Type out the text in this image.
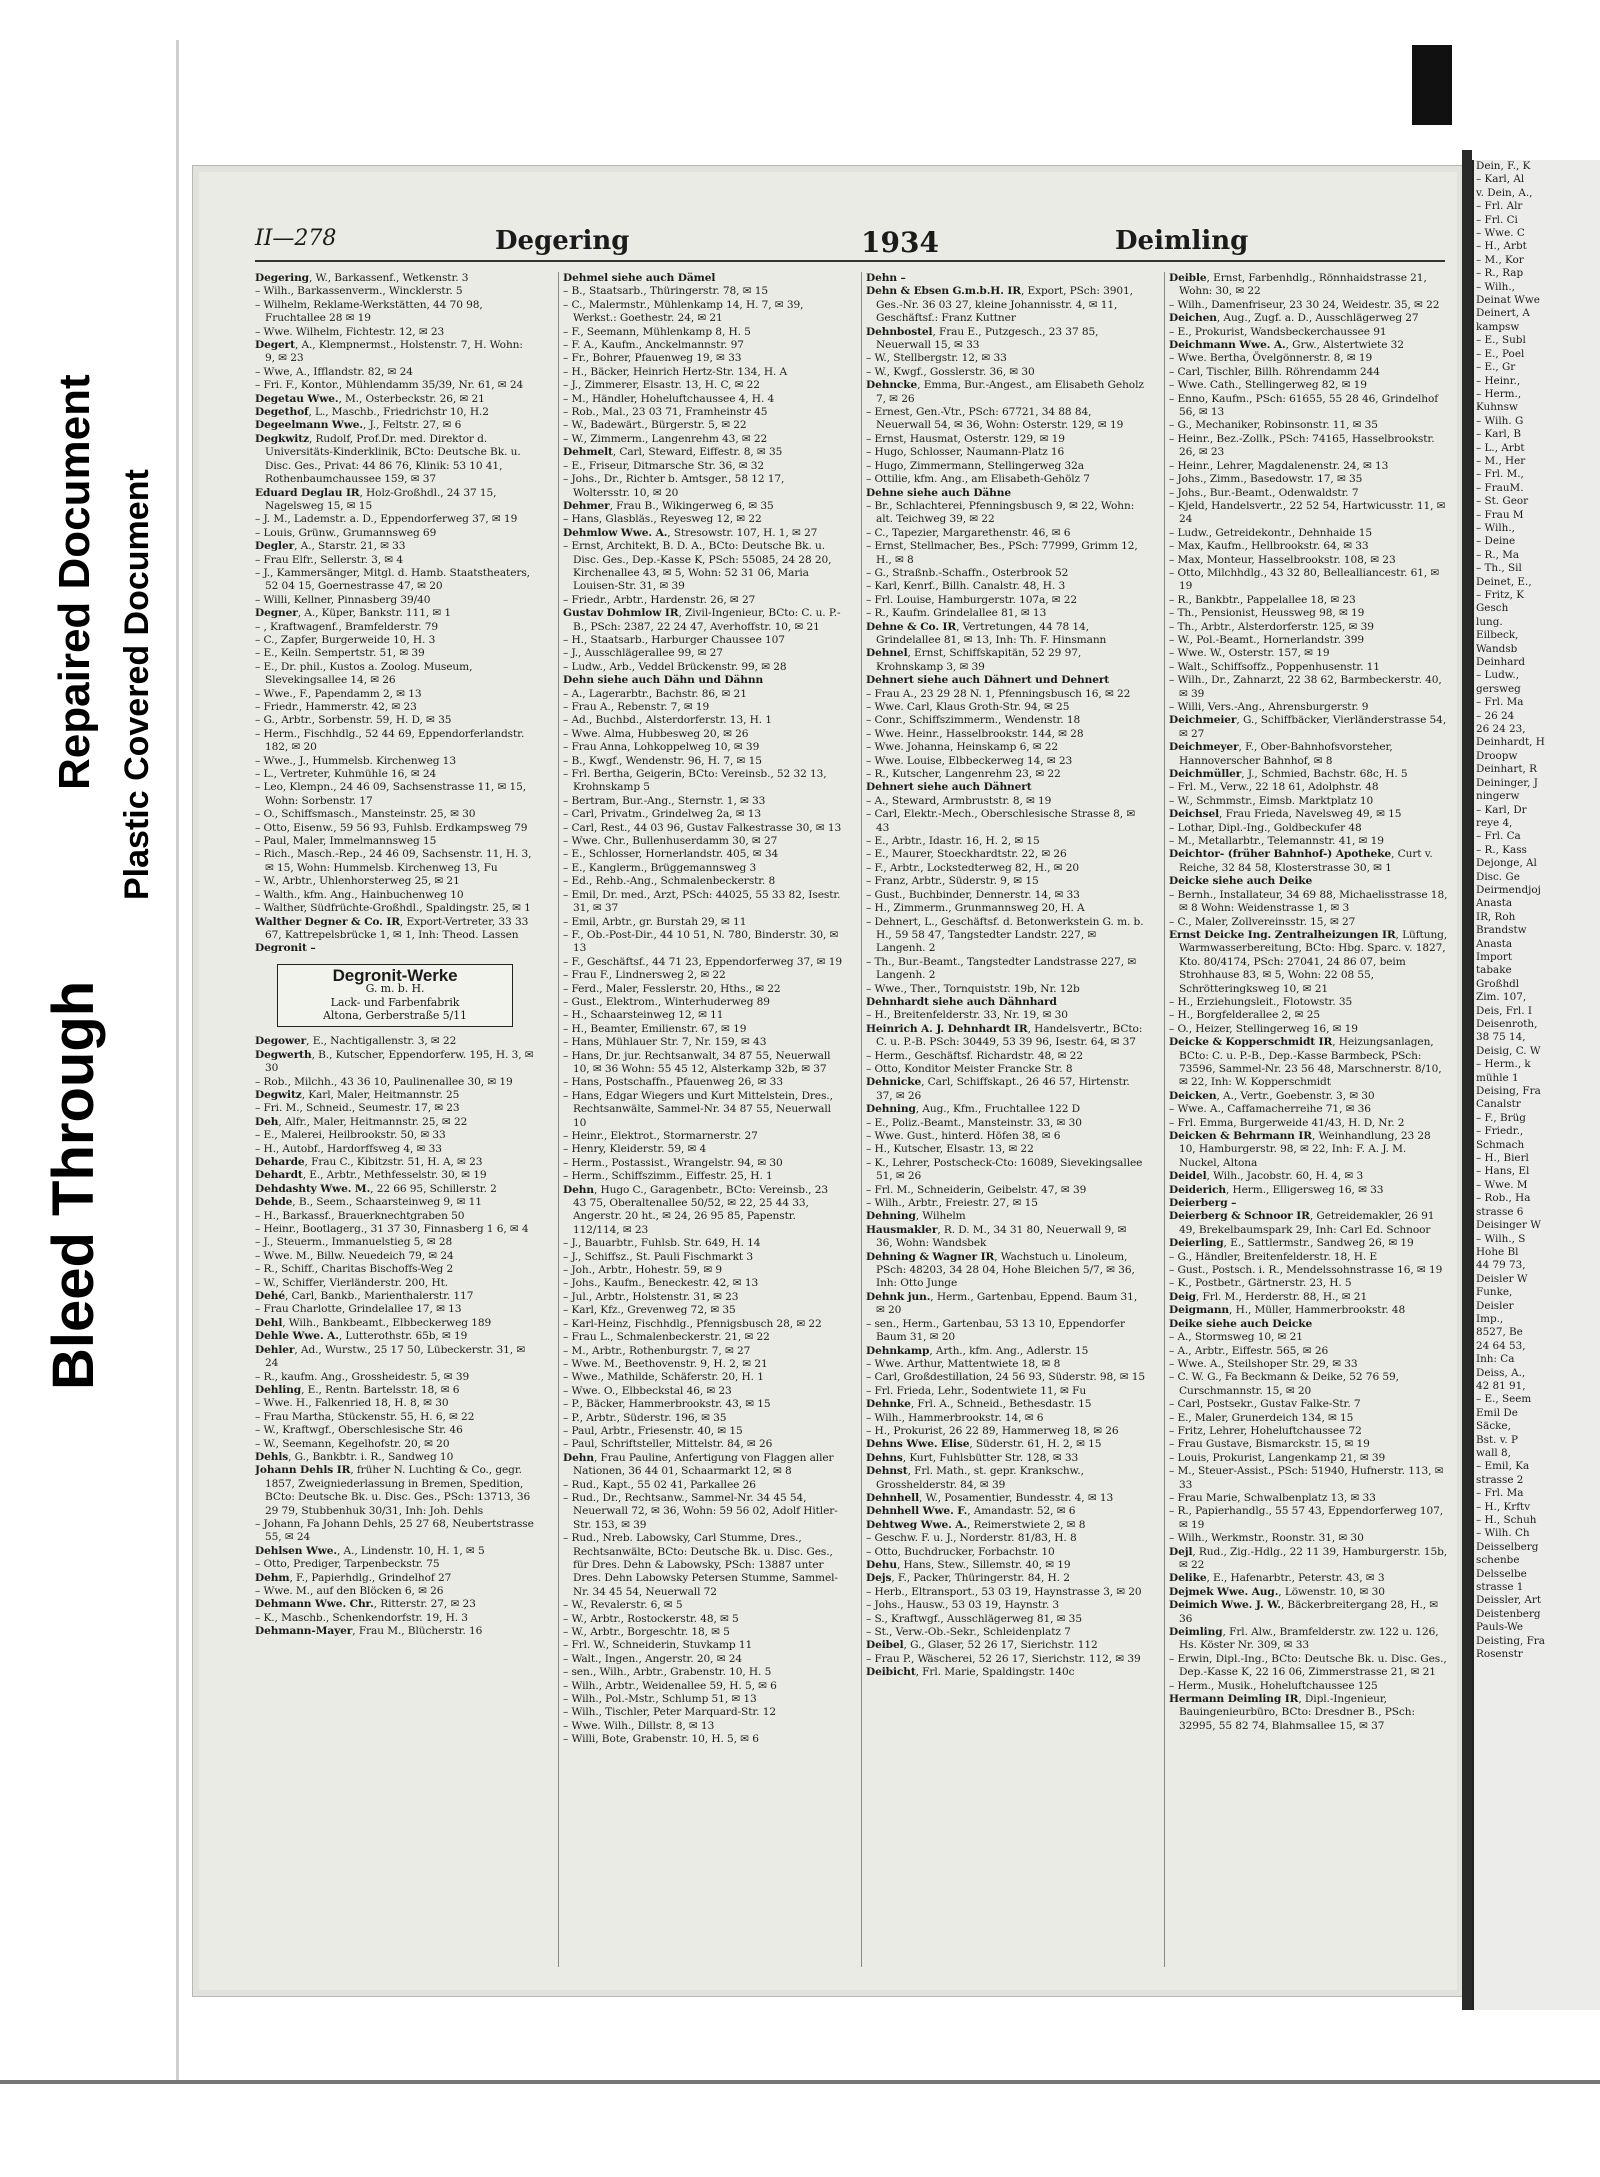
Bleed Through
Repaired Document Plastic Covered Document
II—278	Degering	1934	Deimling

Degering, W., Barkassenf., Wetkenstr. 3

– Wilh., Barkassenverm., Wincklerstr. 5

– Wilhelm, Reklame-Werkstätten, 44 70 98, Fruchtallee 28 ✉ 19

– Wwe. Wilhelm, Fichtestr. 12, ✉ 23

Degert, A., Klempnermst., Holstenstr. 7, H. Wohn: 9, ✉ 23

– Wwe, A., Ifflandstr. 82, ✉ 24

– Fri. F., Kontor., Mühlendamm 35/39, Nr. 61, ✉ 24

Degetau Wwe., M., Osterbeckstr. 26, ✉ 21

Degethof, L., Maschb., Friedrichstr 10, H.2

Degeelmann Wwe., J., Feltstr. 27, ✉ 6

Degkwitz, Rudolf, Prof.Dr. med. Direktor d. Universitäts-Kinderklinik, BCto: Deutsche Bk. u. Disc. Ges., Privat: 44 86 76, Klinik: 53 10 41, Rothenbaumchaussee 159, ✉ 37

Eduard Deglau IR, Holz-Großhdl., 24 37 15, Nagelsweg 15, ✉ 15

– J. M., Lademstr. a. D., Eppendorferweg 37, ✉ 19

– Louis, Grünw., Grumannsweg 69

Degler, A., Starstr. 21, ✉ 33

– Frau Elfr., Sellerstr. 3, ✉ 4

– J., Kammersänger, Mitgl. d. Hamb. Staatstheaters, 52 04 15, Goernestrasse 47, ✉ 20

– Willi, Kellner, Pinnasberg 39/40

Degner, A., Küper, Bankstr. 111, ✉ 1

– , Kraftwagenf., Bramfelderstr. 79

– C., Zapfer, Burgerweide 10, H. 3

– E., Keiln. Sempertstr. 51, ✉ 39

– E., Dr. phil., Kustos a. Zoolog. Museum, Slevekingsallee 14, ✉ 26

– Wwe., F., Papendamm 2, ✉ 13

– Friedr., Hammerstr. 42, ✉ 23

– G., Arbtr., Sorbenstr. 59, H. D, ✉ 35

– Herm., Fischhdlg., 52 44 69, Eppendorferlandstr. 182, ✉ 20

– Wwe., J., Hummelsb. Kirchenweg 13

– L., Vertreter, Kuhmühle 16, ✉ 24

– Leo, Klempn., 24 46 09, Sachsenstrasse 11, ✉ 15, Wohn: Sorbenstr. 17

– O., Schiffsmasch., Mansteinstr. 25, ✉ 30

– Otto, Eisenw., 59 56 93, Fuhlsb. Erdkampsweg 79

– Paul, Maler, Immelmannsweg 15

– Rich., Masch.-Rep., 24 46 09, Sachsenstr. 11, H. 3, ✉ 15, Wohn: Hummelsb. Kirchenweg 13, Fu

– W., Arbtr., Uhlenhorsterweg 25, ✉ 21

– Walth., kfm. Ang., Hainbuchenweg 10

– Walther, Südfrüchte-Großhdl., Spaldingstr. 25, ✉ 1

Walther Degner & Co. IR, Export-Vertreter, 33 33 67, Kattrepelsbrücke 1, ✉ 1, Inh: Theod. Lassen

Degronit –

Degronit-Werke
G. m. b. H.
Lack- und Farbenfabrik
Altona, Gerberstraße 5/11

Degower, E., Nachtigallenstr. 3, ✉ 22

Degwerth, B., Kutscher, Eppendorferw. 195, H. 3, ✉ 30

– Rob., Milchh., 43 36 10, Paulinenallee 30, ✉ 19

Degwitz, Karl, Maler, Heitmannstr. 25

– Fri. M., Schneid., Seumestr. 17, ✉ 23

Deh, Alfr., Maler, Heitmannstr. 25, ✉ 22

– E., Malerei, Heilbrookstr. 50, ✉ 33

– H., Autobf., Hardorffsweg 4, ✉ 33

Deharde, Frau C., Kibitzstr. 51, H. A, ✉ 23

Dehardt, E., Arbtr., Methfesselstr. 30, ✉ 19

Dehdashty Wwe. M., 22 66 95, Schillerstr. 2

Dehde, B., Seem., Schaarsteinweg 9, ✉ 11

– H., Barkassf., Brauerknechtgraben 50

– Heinr., Bootlagerg., 31 37 30, Finnasberg 1 6, ✉ 4

– J., Steuerm., Immanuelstieg 5, ✉ 28

– Wwe. M., Billw. Neuedeich 79, ✉ 24

– R., Schiff., Charitas Bischoffs-Weg 2

– W., Schiffer, Vierländerstr. 200, Ht.

Dehé, Carl, Bankb., Marienthalerstr. 117

– Frau Charlotte, Grindelallee 17, ✉ 13

Dehl, Wilh., Bankbeamt., Elbbeckerweg 189

Dehle Wwe. A., Lutterothstr. 65b, ✉ 19

Dehler, Ad., Wurstw., 25 17 50, Lübeckerstr. 31, ✉ 24

– R., kaufm. Ang., Grossheidestr. 5, ✉ 39

Dehling, E., Rentn. Bartelsstr. 18, ✉ 6

– Wwe. H., Falkenried 18, H. 8, ✉ 30

– Frau Martha, Stückenstr. 55, H. 6, ✉ 22

– W., Kraftwgf., Oberschlesische Str. 46

– W., Seemann, Kegelhofstr. 20, ✉ 20

Dehls, G., Bankbtr. i. R., Sandweg 10

Johann Dehls IR, früher N. Luchting & Co., gegr. 1857, Zweigniederlassung in Bremen, Spedition, BCto: Deutsche Bk. u. Disc. Ges., PSch: 13713, 36 29 79, Stubbenhuk 30/31, Inh: Joh. Dehls

– Johann, Fa Johann Dehls, 25 27 68, Neubertstrasse 55, ✉ 24

Dehlsen Wwe., A., Lindenstr. 10, H. 1, ✉ 5

– Otto, Prediger, Tarpenbeckstr. 75

Dehm, F., Papierhdlg., Grindelhof 27

– Wwe. M., auf den Blöcken 6, ✉ 26

Dehmann Wwe. Chr., Ritterstr. 27, ✉ 23

– K., Maschb., Schenkendorfstr. 19, H. 3

Dehmann-Mayer, Frau M., Blücherstr. 16

Dehmel siehe auch Dämel

– B., Staatsarb., Thüringerstr. 78, ✉ 15

– C., Malermstr., Mühlenkamp 14, H. 7, ✉ 39, Werkst.: Goethestr. 24, ✉ 21

– F., Seemann, Mühlenkamp 8, H. 5

– F. A., Kaufm., Anckelmannstr. 97

– Fr., Bohrer, Pfauenweg 19, ✉ 33

– H., Bäcker, Heinrich Hertz-Str. 134, H. A

– J., Zimmerer, Elsastr. 13, H. C, ✉ 22

– M., Händler, Hoheluftchaussee 4, H. 4

– Rob., Mal., 23 03 71, Framheinstr 45

– W., Badewärt., Bürgerstr. 5, ✉ 22

– W., Zimmerm., Langenrehm 43, ✉ 22

Dehmelt, Carl, Steward, Eiffestr. 8, ✉ 35

– E., Friseur, Ditmarsche Str. 36, ✉ 32

– Johs., Dr., Richter b. Amtsger., 58 12 17, Woltersstr. 10, ✉ 20

Dehmer, Frau B., Wikingerweg 6, ✉ 35

– Hans, Glasbläs., Reyesweg 12, ✉ 22

Dehmlow Wwe. A., Stresowstr. 107, H. 1, ✉ 27

– Ernst, Architekt, B. D. A., BCto: Deutsche Bk. u. Disc. Ges., Dep.-Kasse K, PSch: 55085, 24 28 20, Kirchenallee 43, ✉ 5, Wohn: 52 31 06, Maria Louisen-Str. 31, ✉ 39

– Friedr., Arbtr., Hardenstr. 26, ✉ 27

Gustav Dohmlow IR, Zivil-Ingenieur, BCto: C. u. P.-B., PSch: 2387, 22 24 47, Averhoffstr. 10, ✉ 21

– H., Staatsarb., Harburger Chaussee 107

– J., Ausschlägerallee 99, ✉ 27

– Ludw., Arb., Veddel Brückenstr. 99, ✉ 28

Dehn siehe auch Dähn und Dähnn

– A., Lagerarbtr., Bachstr. 86, ✉ 21

– Frau A., Rebenstr. 7, ✉ 19

– Ad., Buchbd., Alsterdorferstr. 13, H. 1

– Wwe. Alma, Hubbesweg 20, ✉ 26

– Frau Anna, Lohkoppelweg 10, ✉ 39

– B., Kwgf., Wendenstr. 96, H. 7, ✉ 15

– Frl. Bertha, Geigerin, BCto: Vereinsb., 52 32 13, Krohnskamp 5

– Bertram, Bur.-Ang., Sternstr. 1, ✉ 33

– Carl, Privatm., Grindelweg 2a, ✉ 13

– Carl, Rest., 44 03 96, Gustav Falkestrasse 30, ✉ 13

– Wwe. Chr., Bullenhuserdamm 30, ✉ 27

– E., Schlosser, Hornerlandstr. 405, ✉ 34

– E., Kanglerm., Brüggemannsweg 3

– Ed., Rehb.-Ang., Schmalenbeckerstr. 8

– Emil, Dr. med., Arzt, PSch: 44025, 55 33 82, Isestr. 31, ✉ 37

– Emil, Arbtr., gr. Burstah 29, ✉ 11

– F., Ob.-Post-Dir., 44 10 51, N. 780, Binderstr. 30, ✉ 13

– F., Geschäftsf., 44 71 23, Eppendorferweg 37, ✉ 19

– Frau F., Lindnersweg 2, ✉ 22

– Ferd., Maler, Fesslerstr. 20, Hths., ✉ 22

– Gust., Elektrom., Winterhuderweg 89

– H., Schaarsteinweg 12, ✉ 11

– H., Beamter, Emilienstr. 67, ✉ 19

– Hans, Mühlauer Str. 7, Nr. 159, ✉ 43

– Hans, Dr. jur. Rechtsanwalt, 34 87 55, Neuerwall 10, ✉ 36 Wohn: 55 45 12, Alsterkamp 32b, ✉ 37

– Hans, Postschaffn., Pfauenweg 26, ✉ 33

– Hans, Edgar Wiegers und Kurt Mittelstein, Dres., Rechtsanwälte, Sammel-Nr. 34 87 55, Neuerwall 10

– Heinr., Elektrot., Stormarnerstr. 27

– Henry, Kleiderstr. 59, ✉ 4

– Herm., Postassist., Wrangelstr. 94, ✉ 30

– Herm., Schiffszimm., Eiffestr. 25, H. 1

Dehn, Hugo C., Garagenbetr., BCto: Vereinsb., 23 43 75, Oberaltenallee 50/52, ✉ 22, 25 44 33, Angerstr. 20 ht., ✉ 24, 26 95 85, Papenstr. 112/114, ✉ 23

– J., Bauarbtr., Fuhlsb. Str. 649, H. 14

– J., Schiffsz., St. Pauli Fischmarkt 3

– Joh., Arbtr., Hohestr. 59, ✉ 9

– Johs., Kaufm., Beneckestr. 42, ✉ 13

– Jul., Arbtr., Holstenstr. 31, ✉ 23

– Karl, Kfz., Grevenweg 72, ✉ 35

– Karl-Heinz, Fischhdlg., Pfennigsbusch 28, ✉ 22

– Frau L., Schmalenbeckerstr. 21, ✉ 22

– M., Arbtr., Rothenburgstr. 7, ✉ 27

– Wwe. M., Beethovenstr. 9, H. 2, ✉ 21

– Wwe., Mathilde, Schäferstr. 20, H. 1

– Wwe. O., Elbbeckstal 46, ✉ 23

– P., Bäcker, Hammerbrookstr. 43, ✉ 15

– P., Arbtr., Süderstr. 196, ✉ 35

– Paul, Arbtr., Friesenstr. 40, ✉ 15

– Paul, Schriftsteller, Mittelstr. 84, ✉ 26

Dehn, Frau Pauline, Anfertigung von Flaggen aller Nationen, 36 44 01, Schaarmarkt 12, ✉ 8

– Rud., Kapt., 55 02 41, Parkallee 26

– Rud., Dr., Rechtsanw., Sammel-Nr. 34 45 54, Neuerwall 72, ✉ 36, Wohn: 59 56 02, Adolf Hitler-Str. 153, ✉ 39

– Rud., Nreb. Labowsky, Carl Stumme, Dres., Rechtsanwälte, BCto: Deutsche Bk. u. Disc. Ges., für Dres. Dehn & Labowsky, PSch: 13887 unter Dres. Dehn Labowsky Petersen Stumme, Sammel-Nr. 34 45 54, Neuerwall 72

– W., Revalerstr. 6, ✉ 5

– W., Arbtr., Rostockerstr. 48, ✉ 5

– W., Arbtr., Borgeschtr. 18, ✉ 5

– Frl. W., Schneiderin, Stuvkamp 11

– Walt., Ingen., Angerstr. 20, ✉ 24

– sen., Wilh., Arbtr., Grabenstr. 10, H. 5

– Wilh., Arbtr., Weidenallee 59, H. 5, ✉ 6

– Wilh., Pol.-Mstr., Schlump 51, ✉ 13

– Wilh., Tischler, Peter Marquard-Str. 12

– Wwe. Wilh., Dillstr. 8, ✉ 13

– Willi, Bote, Grabenstr. 10, H. 5, ✉ 6

Dehn –

Dehn & Ebsen G.m.b.H. IR, Export, PSch: 3901, Ges.-Nr. 36 03 27, kleine Johannisstr. 4, ✉ 11, Geschäftsf.: Franz Kuttner

Dehnbostel, Frau E., Putzgesch., 23 37 85, Neuerwall 15, ✉ 33

– W., Stellbergstr. 12, ✉ 33

– W., Kwgf., Gosslerstr. 36, ✉ 30

Dehncke, Emma, Bur.-Angest., am Elisabeth Geholz 7, ✉ 26

– Ernest, Gen.-Vtr., PSch: 67721, 34 88 84, Neuerwall 54, ✉ 36, Wohn: Osterstr. 129, ✉ 19

– Ernst, Hausmat, Osterstr. 129, ✉ 19

– Hugo, Schlosser, Naumann-Platz 16

– Hugo, Zimmermann, Stellingerweg 32a

– Ottilie, kfm. Ang., am Elisabeth-Gehölz 7

Dehne siehe auch Dähne

– Br., Schlachterei, Pfenningsbusch 9, ✉ 22, Wohn: alt. Teichweg 39, ✉ 22

– C., Tapezier, Margarethenstr. 46, ✉ 6

– Ernst, Stellmacher, Bes., PSch: 77999, Grimm 12, H., ✉ 8

– G., Straßnb.-Schaffn., Osterbrook 52

– Karl, Kenrf., Billh. Canalstr. 48, H. 3

– Frl. Louise, Hamburgerstr. 107a, ✉ 22

– R., Kaufm. Grindelallee 81, ✉ 13

Dehne & Co. IR, Vertretungen, 44 78 14, Grindelallee 81, ✉ 13, Inh: Th. F. Hinsmann

Dehnel, Ernst, Schiffskapitän, 52 29 97, Krohnskamp 3, ✉ 39

Dehnert siehe auch Dähnert und Dehnert

– Frau A., 23 29 28 N. 1, Pfenningsbusch 16, ✉ 22

– Wwe. Carl, Klaus Groth-Str. 94, ✉ 25

– Conr., Schiffszimmerm., Wendenstr. 18

– Wwe. Heinr., Hasselbrookstr. 144, ✉ 28

– Wwe. Johanna, Heinskamp 6, ✉ 22

– Wwe. Louise, Elbbeckerweg 14, ✉ 23

– R., Kutscher, Langenrehm 23, ✉ 22

Dehnert siehe auch Dähnert

– A., Steward, Armbruststr. 8, ✉ 19

– Carl, Elektr.-Mech., Oberschlesische Strasse 8, ✉ 43

– E., Arbtr., Idastr. 16, H. 2, ✉ 15

– E., Maurer, Stoeckhardtstr. 22, ✉ 26

– F., Arbtr., Lockstedterweg 82, H., ✉ 20

– Franz, Arbtr., Süderstr. 9, ✉ 15

– Gust., Buchbinder, Dennerstr. 14, ✉ 33

– H., Zimmerm., Grunmannsweg 20, H. A

– Dehnert, L., Geschäftsf. d. Betonwerkstein G. m. b. H., 59 58 47, Tangstedter Landstr. 227, ✉ Langenh. 2

– Th., Bur.-Beamt., Tangstedter Landstrasse 227, ✉ Langenh. 2

– Wwe., Ther., Tornquiststr. 19b, Nr. 12b

Dehnhardt siehe auch Dähnhard

– H., Breitenfelderstr. 33, Nr. 19, ✉ 30

Heinrich A. J. Dehnhardt IR, Handelsvertr., BCto: C. u. P.-B. PSch: 30449, 53 39 96, Isestr. 64, ✉ 37

– Herm., Geschäftsf. Richardstr. 48, ✉ 22

– Otto, Konditor Meister Francke Str. 8

Dehnicke, Carl, Schiffskapt., 26 46 57, Hirtenstr. 37, ✉ 26

Dehning, Aug., Kfm., Fruchtallee 122 D

– E., Poliz.-Beamt., Mansteinstr. 33, ✉ 30

– Wwe. Gust., hinterd. Höfen 38, ✉ 6

– H., Kutscher, Elsastr. 13, ✉ 22

– K., Lehrer, Postscheck-Cto: 16089, Sievekingsallee 51, ✉ 26

– Frl. M., Schneiderin, Geibelstr. 47, ✉ 39

– Wilh., Arbtr., Freiestr. 27, ✉ 15

Dehning, Wilhelm

Hausmakler, R. D. M., 34 31 80, Neuerwall 9, ✉ 36, Wohn: Wandsbek

Dehning & Wagner IR, Wachstuch u. Linoleum, PSch: 48203, 34 28 04, Hohe Bleichen 5/7, ✉ 36, Inh: Otto Junge

Dehnk jun., Herm., Gartenbau, Eppend. Baum 31, ✉ 20

– sen., Herm., Gartenbau, 53 13 10, Eppendorfer Baum 31, ✉ 20

Dehnkamp, Arth., kfm. Ang., Adlerstr. 15

– Wwe. Arthur, Mattentwiete 18, ✉ 8

– Carl, Großdestillation, 24 56 93, Süderstr. 98, ✉ 15

– Frl. Frieda, Lehr., Sodentwiete 11, ✉ Fu

Dehnke, Frl. A., Schneid., Bethesdastr. 15

– Wilh., Hammerbrookstr. 14, ✉ 6

– H., Prokurist, 26 22 89, Hammerweg 18, ✉ 26

Dehns Wwe. Elise, Süderstr. 61, H. 2, ✉ 15

Dehns, Kurt, Fuhlsbütter Str. 128, ✉ 33

Dehnst, Frl. Math., st. gepr. Krankschw., Grosshelderstr. 84, ✉ 39

Dehnhell, W., Posamentier, Bundesstr. 4, ✉ 13

Dehnhell Wwe. F., Amandastr. 52, ✉ 6

Dehtweg Wwe. A., Reimerstwiete 2, ✉ 8

– Geschw. F. u. J., Norderstr. 81/83, H. 8

– Otto, Buchdrucker, Forbachstr. 10

Dehu, Hans, Stew., Sillemstr. 40, ✉ 19

Dejs, F., Packer, Thüringerstr. 84, H. 2

– Herb., Eltransport., 53 03 19, Haynstrasse 3, ✉ 20

– Johs., Hausw., 53 03 19, Haynstr. 3

– S., Kraftwgf., Ausschlägerweg 81, ✉ 35

– St., Verw.-Ob.-Sekr., Schleidenplatz 7

Deibel, G., Glaser, 52 26 17, Sierichstr. 112

– Frau P., Wäscherei, 52 26 17, Sierichstr. 112, ✉ 39

Deibicht, Frl. Marie, Spaldingstr. 140c

Deible, Ernst, Farbenhdlg., Rönnhaidstrasse 21, Wohn: 30, ✉ 22

– Wilh., Damenfriseur, 23 30 24, Weidestr. 35, ✉ 22

Deichen, Aug., Zugf. a. D., Ausschlägerweg 27

– E., Prokurist, Wandsbeckerchaussee 91

Deichmann Wwe. A., Grw., Alstertwiete 32

– Wwe. Bertha, Övelgönnerstr. 8, ✉ 19

– Carl, Tischler, Billh. Röhrendamm 244

– Wwe. Cath., Stellingerweg 82, ✉ 19

– Enno, Kaufm., PSch: 61655, 55 28 46, Grindelhof 56, ✉ 13

– G., Mechaniker, Robinsonstr. 11, ✉ 35

– Heinr., Bez.-Zollk., PSch: 74165, Hasselbrookstr. 26, ✉ 23

– Heinr., Lehrer, Magdalenenstr. 24, ✉ 13

– Johs., Zimm., Basedowstr. 17, ✉ 35

– Johs., Bur.-Beamt., Odenwaldstr. 7

– Kjeld, Handelsvertr., 22 52 54, Hartwicusstr. 11, ✉ 24

– Ludw., Getreidekontr., Dehnhaide 15

– Max, Kaufm., Hellbrookstr. 64, ✉ 33

– Max, Monteur, Hasselbrookstr. 108, ✉ 23

– Otto, Milchhdlg., 43 32 80, Bellealliancestr. 61, ✉ 19

– R., Bankbtr., Pappelallee 18, ✉ 23

– Th., Pensionist, Heussweg 98, ✉ 19

– Th., Arbtr., Alsterdorferstr. 125, ✉ 39

– W., Pol.-Beamt., Hornerlandstr. 399

– Wwe. W., Osterstr. 157, ✉ 19

– Walt., Schiffsoffz., Poppenhusenstr. 11

– Wilh., Dr., Zahnarzt, 22 38 62, Barmbeckerstr. 40, ✉ 39

– Willi, Vers.-Ang., Ahrensburgerstr. 9

Deichmeier, G., Schiffbäcker, Vierländerstrasse 54, ✉ 27

Deichmeyer, F., Ober-Bahnhofsvorsteher, Hannoverscher Bahnhof, ✉ 8

Deichmüller, J., Schmied, Bachstr. 68c, H. 5

– Frl. M., Verw., 22 18 61, Adolphstr. 48

– W., Schmmstr., Eimsb. Marktplatz 10

Deichsel, Frau Frieda, Navelsweg 49, ✉ 15

– Lothar, Dipl.-Ing., Goldbeckufer 48

– M., Metallarbtr., Telemannstr. 41, ✉ 19

Deichtor- (früher Bahnhof-) Apotheke, Curt v. Reiche, 32 84 58, Klosterstrasse 30, ✉ 1

Deicke siehe auch Deike

– Bernh., Installateur, 34 69 88, Michaelisstrasse 18, ✉ 8 Wohn: Weidenstrasse 1, ✉ 3

– C., Maler, Zollvereinsstr. 15, ✉ 27

Ernst Deicke Ing. Zentralheizungen IR, Lüftung, Warmwasserbereitung, BCto: Hbg. Sparc. v. 1827, Kto. 80/4174, PSch: 27041, 24 86 07, beim Strohhause 83, ✉ 5, Wohn: 22 08 55, Schrötteringksweg 10, ✉ 21

– H., Erziehungsleit., Flotowstr. 35

– H., Borgfelderallee 2, ✉ 25

– O., Heizer, Stellingerweg 16, ✉ 19

Deicke & Kopperschmidt IR, Heizungsanlagen, BCto: C. u. P.-B., Dep.-Kasse Barmbeck, PSch: 73596, Sammel-Nr. 23 56 48, Marschnerstr. 8/10, ✉ 22, Inh: W. Kopperschmidt

Deicken, A., Vertr., Goebenstr. 3, ✉ 30

– Wwe. A., Caffamacherreihe 71, ✉ 36

– Frl. Emma, Burgerweide 41/43, H. D, Nr. 2

Deicken & Behrmann IR, Weinhandlung, 23 28 10, Hamburgerstr. 98, ✉ 22, Inh: F. A. J. M. Nuckel, Altona

Deidel, Wilh., Jacobstr. 60, H. 4, ✉ 3

Deiderich, Herm., Elligersweg 16, ✉ 33

Deierberg –

Deierberg & Schnoor IR, Getreidemakler, 26 91 49, Brekelbaumspark 29, Inh: Carl Ed. Schnoor

Deierling, E., Sattlermstr., Sandweg 26, ✉ 19

– G., Händler, Breitenfelderstr. 18, H. E

– Gust., Postsch. i. R., Mendelssohnstrasse 16, ✉ 19

– K., Postbetr., Gärtnerstr. 23, H. 5

Deig, Frl. M., Herderstr. 88, H., ✉ 21

Deigmann, H., Müller, Hammerbrookstr. 48

Deike siehe auch Deicke

– A., Stormsweg 10, ✉ 21

– A., Arbtr., Eiffestr. 565, ✉ 26

– Wwe. A., Steilshoper Str. 29, ✉ 33

– C. W. G., Fa Beckmann & Deike, 52 76 59, Curschmannstr. 15, ✉ 20

– Carl, Postsekr., Gustav Falke-Str. 7

– E., Maler, Grunerdeich 134, ✉ 15

– Fritz, Lehrer, Hoheluftchaussee 72

– Frau Gustave, Bismarckstr. 15, ✉ 19

– Louis, Prokurist, Langenkamp 21, ✉ 39

– M., Steuer-Assist., PSch: 51940, Hufnerstr. 113, ✉ 33

– Frau Marie, Schwalbenplatz 13, ✉ 33

– R., Papierhandlg., 55 57 43, Eppendorferweg 107, ✉ 19

– Wilh., Werkmstr., Roonstr. 31, ✉ 30

Dejl, Rud., Zig.-Hdlg., 22 11 39, Hamburgerstr. 15b, ✉ 22

Delike, E., Hafenarbtr., Peterstr. 43, ✉ 3

Dejmek Wwe. Aug., Löwenstr. 10, ✉ 30

Deimich Wwe. J. W., Bäckerbreitergang 28, H., ✉ 36

Deimling, Frl. Alw., Bramfelderstr. zw. 122 u. 126, Hs. Köster Nr. 309, ✉ 33

– Erwin, Dipl.-Ing., BCto: Deutsche Bk. u. Disc. Ges., Dep.-Kasse K, 22 16 06, Zimmerstrasse 21, ✉ 21

– Herm., Musik., Hoheluftchaussee 125

Hermann Deimling IR, Dipl.-Ingenieur, Bauingenieurbüro, BCto: Dresdner B., PSch: 32995, 55 82 74, Blahmsallee 15, ✉ 37

Dein, F., K

– Karl, Al

v. Dein, A.,

– Frl. Alr

– Frl. Ci

– Wwe. C

– H., Arbt

– M., Kor

– R., Rap

– Wilh.,

Deinat Wwe

Deinert, A

kampsw

– E., Subl

– E., Poel

– E., Gr

– Heinr.,

– Herm.,

Kuhnsw

– Wilh. G

– Karl, B

– L., Arbt

– M., Her

– Frl. M.,

– FrauM.

– St. Geor

– Frau M

– Wilh.,

– Deine

– R., Ma

– Th., Sil

Deinet, E.,

– Fritz, K

Gesch

lung.

Eilbeck,

Wandsb

Deinhard

– Ludw.,

gersweg

– Frl. Ma

– 26 24

26 24 23,

Deinhardt, H

Droopw

Deinhart, R

Deininger, J

ningerw

– Karl, Dr

reye 4,

– Frl. Ca

– R., Kass

Dejonge, Al

Disc. Ge

Deirmendjoj

Anasta

IR, Roh

Brandstw

Anasta

Import

tabake

Großhdl

Zim. 107,

Deis, Frl. I

Deisenroth,

38 75 14,

Deisig, C. W

– Herm., k

mühle 1

Deising, Fra

Canalstr

– F., Brüg

– Friedr.,

Schmach

– H., Bierl

– Hans, El

– Wwe. M

– Rob., Ha

strasse 6

Deisinger W

– Wilh., S

Hohe Bl

44 79 73,

Deisler W

Funke,

Deisler

Imp.,

8527, Be

24 64 53,

Inh: Ca

Deiss, A.,

42 81 91,

– E., Seem

Emil De

Säcke,

Bst. v. P

wall 8,

– Emil, Ka

strasse 2

– Frl. Ma

– H., Krftv

– H., Schuh

– Wilh. Ch

Deisselberg

schenbe

Delsselbe

strasse 1

Deissler, Art

Deistenberg

Pauls-We

Deisting, Fra

Rosenstr
